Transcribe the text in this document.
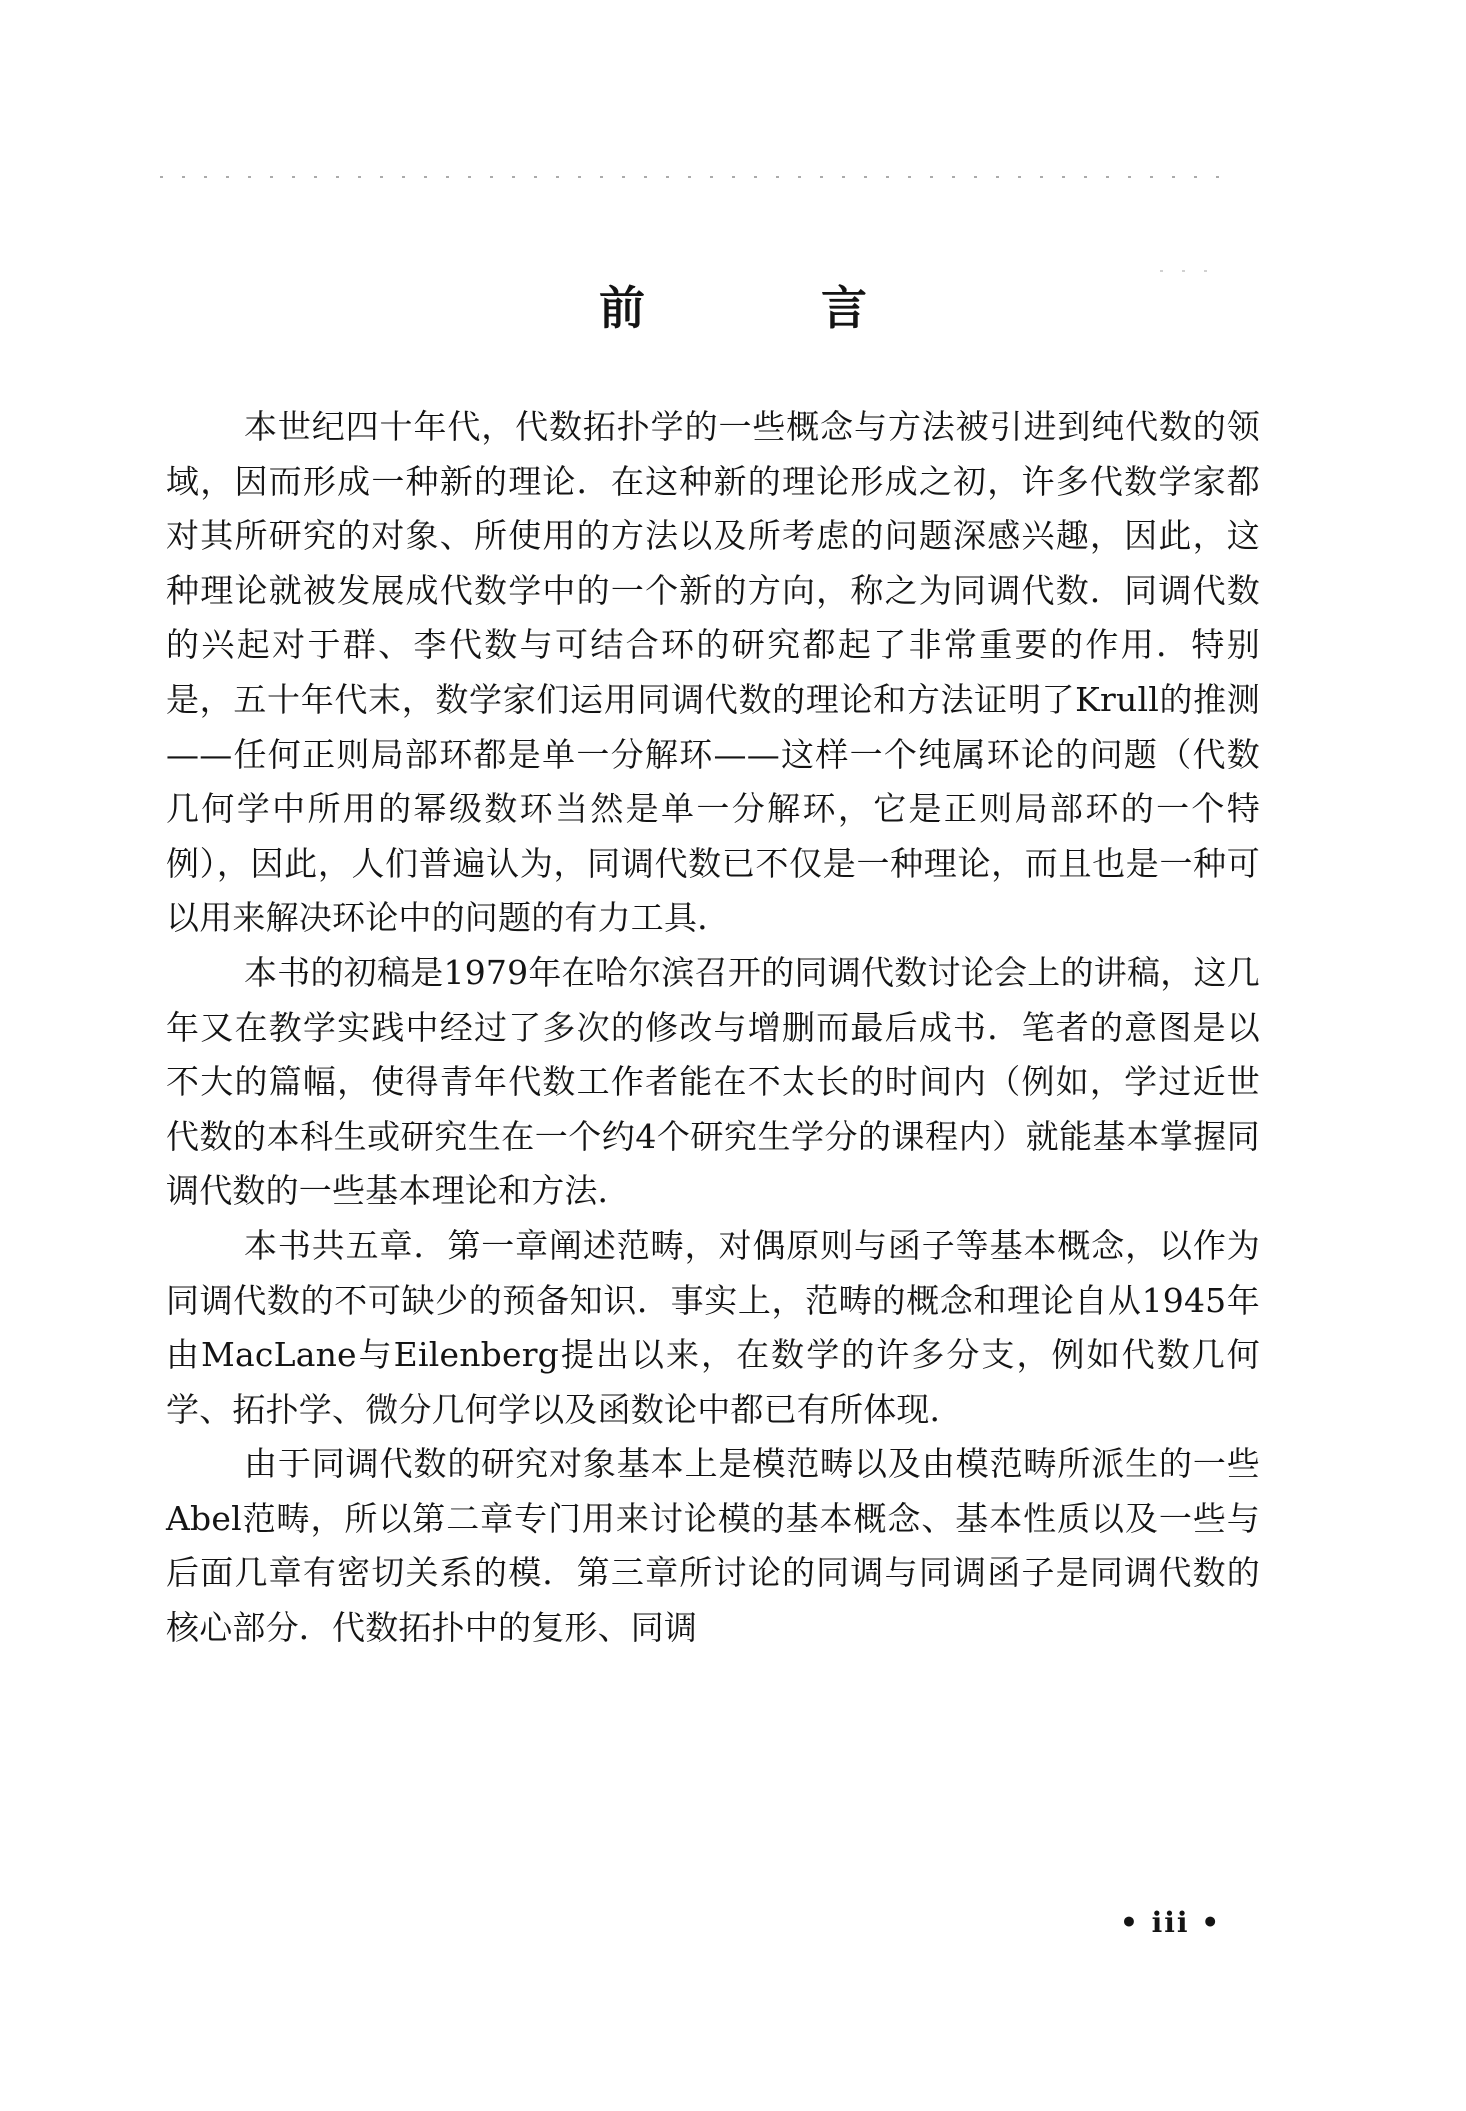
前 言

本世纪四十年代，代数拓扑学的一些概念与方法被引进到纯代数的领域，因而形成一种新的理论．在这种新的理论形成之初，许多代数学家都对其所研究的对象、所使用的方法以及所考虑的问题深感兴趣，因此，这种理论就被发展成代数学中的一个新的方向，称之为同调代数．同调代数的兴起对于群、李代数与可结合环的研究都起了非常重要的作用．特别是，五十年代末，数学家们运用同调代数的理论和方法证明了Krull的推测——任何正则局部环都是单一分解环——这样一个纯属环论的问题（代数几何学中所用的幂级数环当然是单一分解环，它是正则局部环的一个特例），因此，人们普遍认为，同调代数已不仅是一种理论，而且也是一种可以用来解决环论中的问题的有力工具．

本书的初稿是1979年在哈尔滨召开的同调代数讨论会上的讲稿，这几年又在教学实践中经过了多次的修改与增删而最后成书．笔者的意图是以不大的篇幅，使得青年代数工作者能在不太长的时间内（例如，学过近世代数的本科生或研究生在一个约4个研究生学分的课程内）就能基本掌握同调代数的一些基本理论和方法．

本书共五章．第一章阐述范畴，对偶原则与函子等基本概念，以作为同调代数的不可缺少的预备知识．事实上，范畴的概念和理论自从1945年由MacLane与Eilenberg提出以来，在数学的许多分支，例如代数几何学、拓扑学、微分几何学以及函数论中都已有所体现．

由于同调代数的研究对象基本上是模范畴以及由模范畴所派生的一些Abel范畴，所以第二章专门用来讨论模的基本概念、基本性质以及一些与后面几章有密切关系的模．第三章所讨论的同调与同调函子是同调代数的核心部分．代数拓扑中的复形、同调

• iii •
